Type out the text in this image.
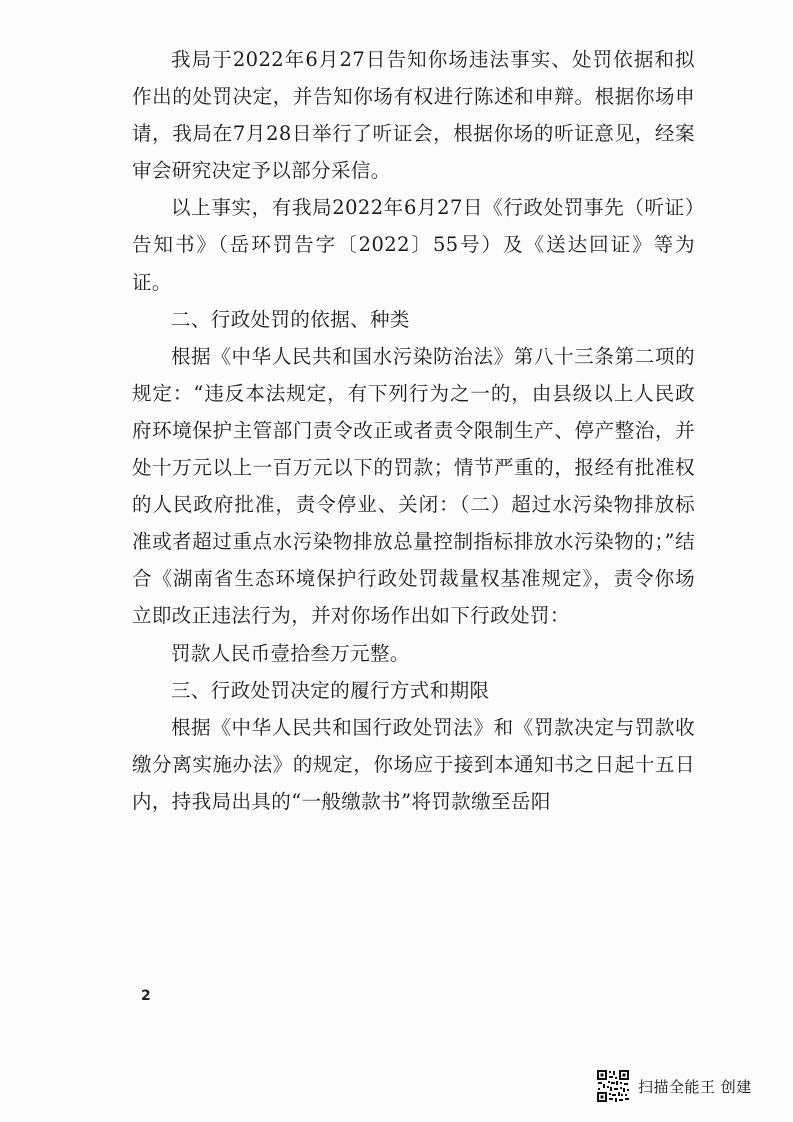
我局于2022年6月27日告知你场违法事实、处罚依据和拟作出的处罚决定，并告知你场有权进行陈述和申辩。根据你场申请，我局在7月28日举行了听证会，根据你场的听证意见，经案审会研究决定予以部分采信。

以上事实，有我局2022年6月27日《行政处罚事先（听证）告知书》（岳环罚告字〔2022〕55号）及《送达回证》等为证。

二、行政处罚的依据、种类

根据《中华人民共和国水污染防治法》第八十三条第二项的规定：“违反本法规定，有下列行为之一的，由县级以上人民政府环境保护主管部门责令改正或者责令限制生产、停产整治，并处十万元以上一百万元以下的罚款；情节严重的，报经有批准权的人民政府批准，责令停业、关闭：（二）超过水污染物排放标准或者超过重点水污染物排放总量控制指标排放水污染物的；”结合《湖南省生态环境保护行政处罚裁量权基准规定》，责令你场立即改正违法行为，并对你场作出如下行政处罚：

罚款人民币壹拾叁万元整。

三、行政处罚决定的履行方式和期限

根据《中华人民共和国行政处罚法》和《罚款决定与罚款收缴分离实施办法》的规定，你场应于接到本通知书之日起十五日内，持我局出具的“一般缴款书”将罚款缴至岳阳

2
扫描全能王 创建
